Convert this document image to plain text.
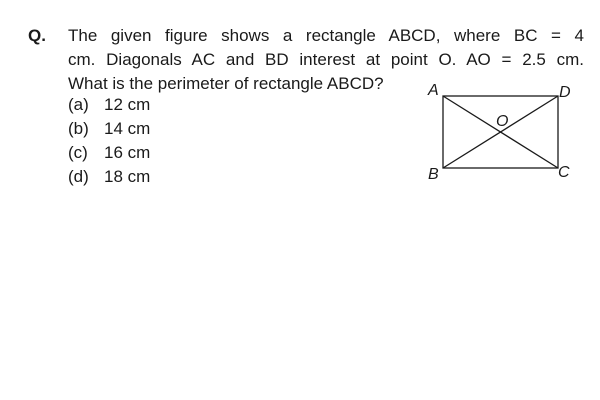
Q. The given figure shows a rectangle ABCD, where BC = 4
cm. Diagonals AC and BD interest at point O. AO = 2.5 cm.
What is the perimeter of rectangle ABCD?
(a) 12 cm
(b) 14 cm
(c) 16 cm
(d) 18 cm
A	D
B	C
O
